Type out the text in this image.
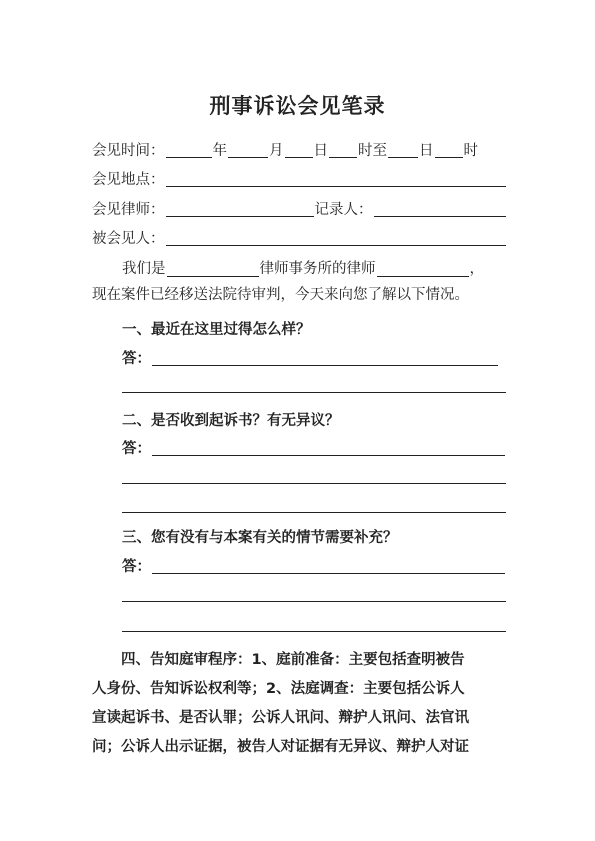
刑事诉讼会见笔录
会见时间：	年	月 日 时至 日 时
会见地点：
会见律师：	记录人：
被会见人：
我们是	律师事务所的律师	，
现在案件已经移送法院待审判，今天来向您了解以下情况。
一、最近在这里过得怎么样？
答：
二、是否收到起诉书？有无异议？
答：
三、您有没有与本案有关的情节需要补充？
答：
四、告知庭审程序：1、庭前准备：主要包括查明被告
人身份、告知诉讼权利等；2、法庭调查：主要包括公诉人
宣读起诉书、是否认罪；公诉人讯问、辩护人讯问、法官讯
问；公诉人出示证据，被告人对证据有无异议、辩护人对证
